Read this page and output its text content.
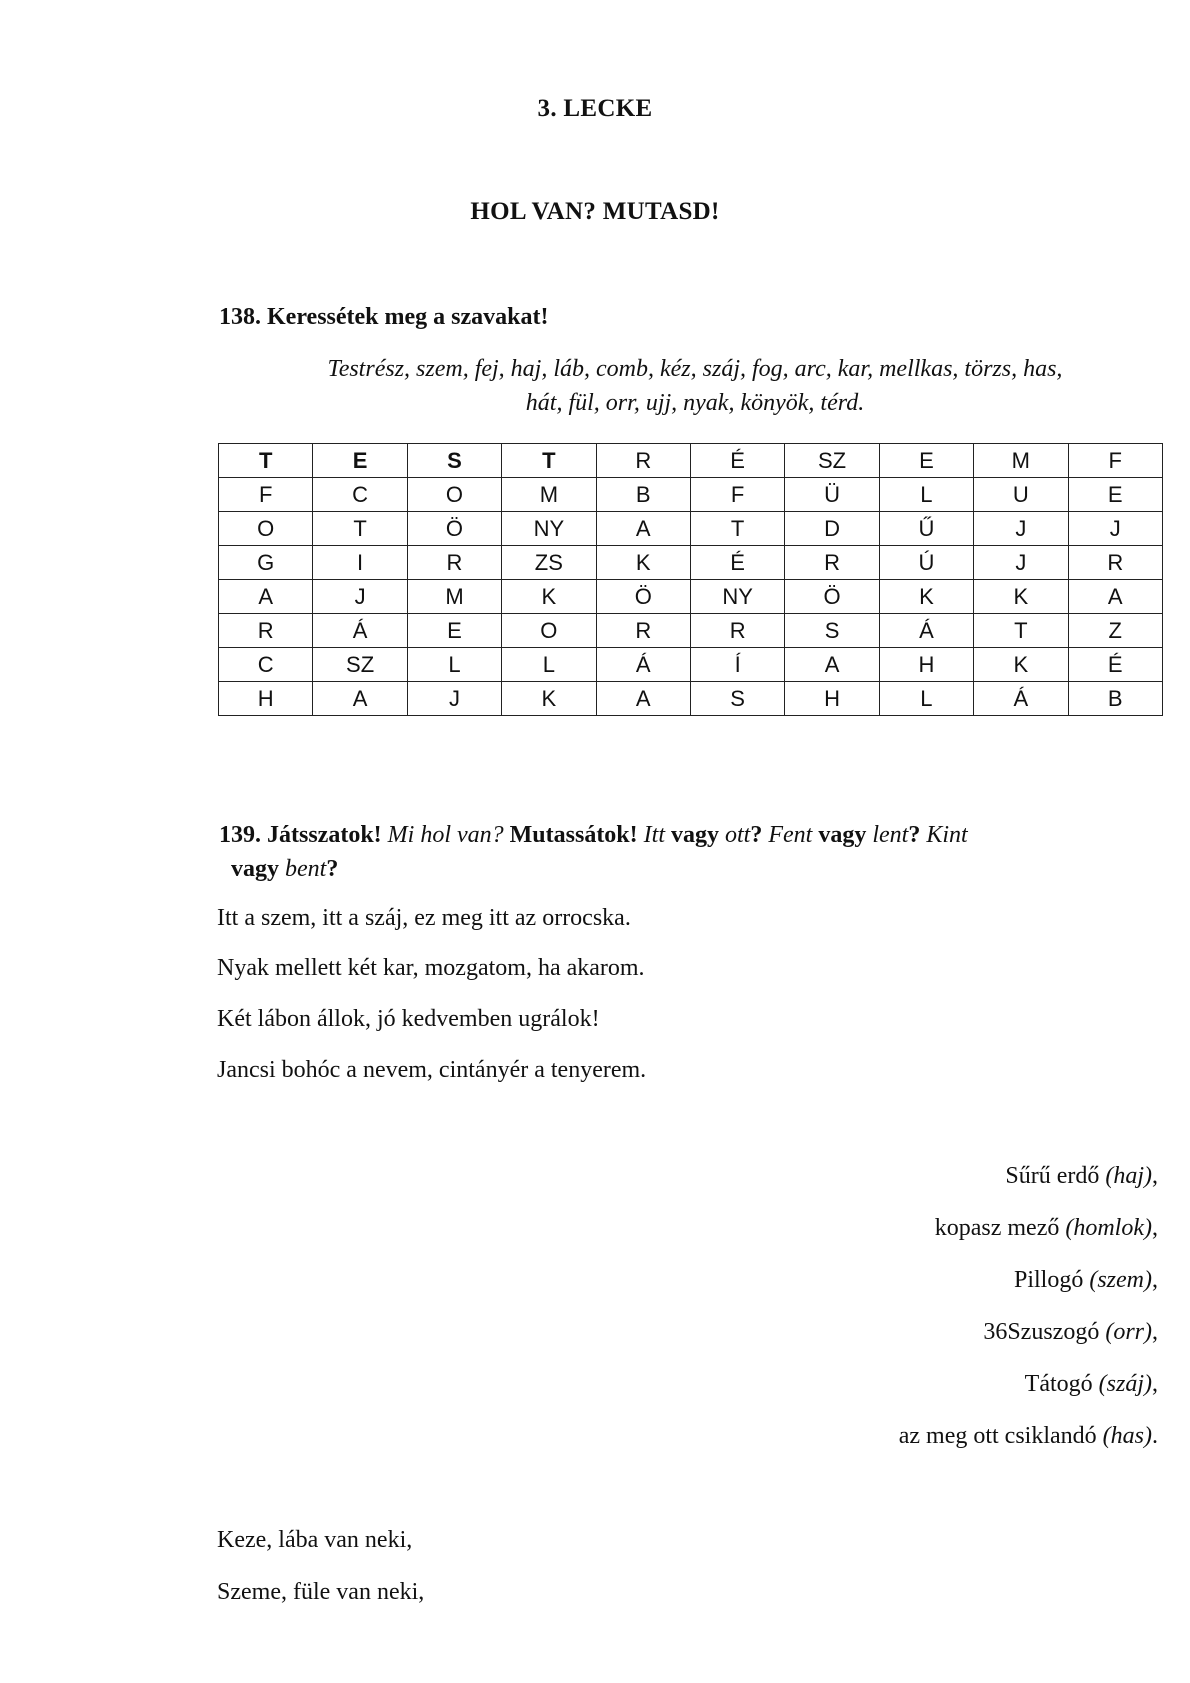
3. LECKE
HOL VAN? MUTASD!
138. Keressétek meg a szavakat!
Testrész, szem, fej, haj, láb, comb, kéz, száj, fog, arc, kar, mellkas, törzs, has,
hát, fül, orr, ujj, nyak, könyök, térd.
T	E	S	T	R	É	SZ	E	M	F
F	C	O	M	B	F	Ü	L	U	E
O	T	Ö	NY	A	T	D	Ű	J	J
G	I	R	ZS	K	É	R	Ú	J	R
A	J	M	K	Ö	NY	Ö	K	K	A
R	Á	E	O	R	R	S	Á	T	Z
C	SZ	L	L	Á	Í	A	H	K	É
H	A	J	K	A	S	H	L	Á	B
139. Játsszatok! Mi hol van? Mutassátok! Itt vagy ott? Fent vagy lent? Kint
vagy bent?
Itt a szem, itt a száj, ez meg itt az orrocska.
Nyak mellett két kar, mozgatom, ha akarom.
Két lábon állok, jó kedvemben ugrálok!
Jancsi bohóc a nevem, cintányér a tenyerem.
Sűrű erdő (haj),
kopasz mező (homlok),
Pillogó (szem),
36Szuszogó (orr),
Tátogó (száj),
az meg ott csiklandó (has).
Keze, lába van neki,
Szeme, füle van neki,
